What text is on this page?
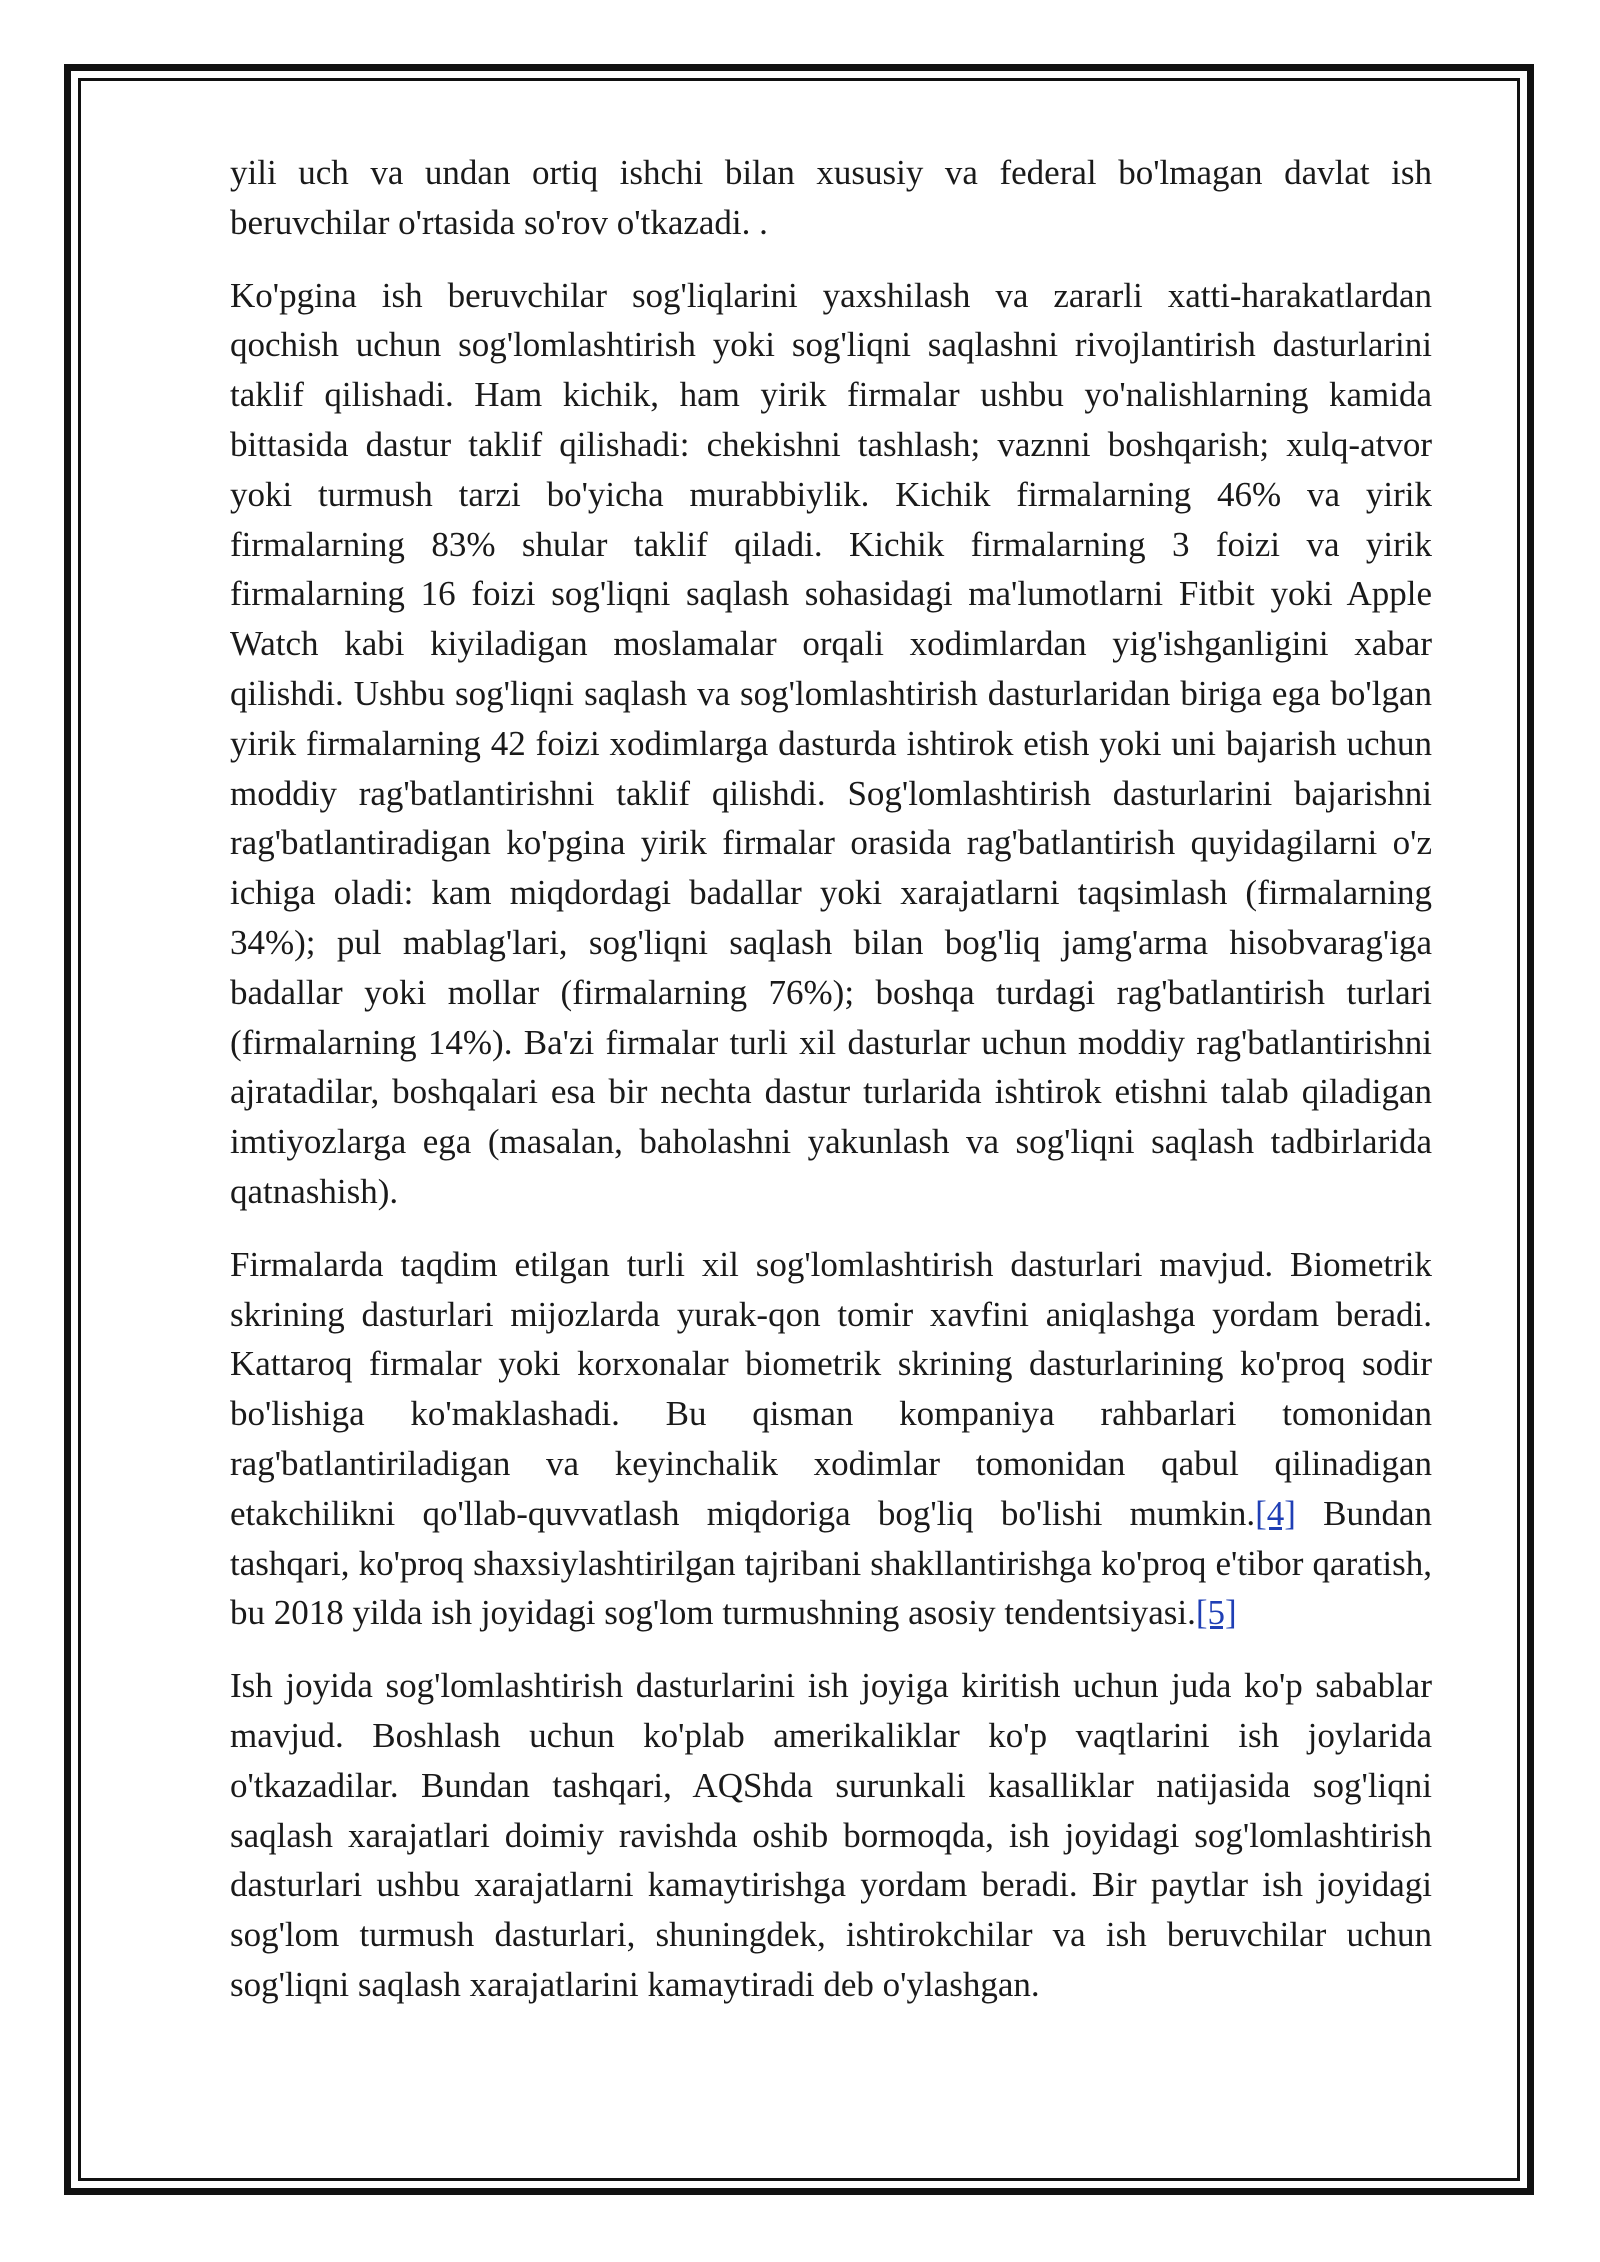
yili uch va undan ortiq ishchi bilan xususiy va federal bo'lmagan davlat ish beruvchilar o'rtasida so'rov o'tkazadi. .

Ko'pgina ish beruvchilar sog'liqlarini yaxshilash va zararli xatti-harakatlardan qochish uchun sog'lomlashtirish yoki sog'liqni saqlashni rivojlantirish dasturlarini taklif qilishadi. Ham kichik, ham yirik firmalar ushbu yo'nalishlarning kamida bittasida dastur taklif qilishadi: chekishni tashlash; vaznni boshqarish; xulq-atvor yoki turmush tarzi bo'yicha murabbiylik. Kichik firmalarning 46% va yirik firmalarning 83% shular taklif qiladi. Kichik firmalarning 3 foizi va yirik firmalarning 16 foizi sog'liqni saqlash sohasidagi ma'lumotlarni Fitbit yoki Apple Watch kabi kiyiladigan moslamalar orqali xodimlardan yig'ishganligini xabar qilishdi. Ushbu sog'liqni saqlash va sog'lomlashtirish dasturlaridan biriga ega bo'lgan yirik firmalarning 42 foizi xodimlarga dasturda ishtirok etish yoki uni bajarish uchun moddiy rag'batlantirishni taklif qilishdi. Sog'lomlashtirish dasturlarini bajarishni rag'batlantiradigan ko'pgina yirik firmalar orasida rag'batlantirish quyidagilarni o'z ichiga oladi: kam miqdordagi badallar yoki xarajatlarni taqsimlash (firmalarning 34%); pul mablag'lari, sog'liqni saqlash bilan bog'liq jamg'arma hisobvarag'iga badallar yoki mollar (firmalarning 76%); boshqa turdagi rag'batlantirish turlari (firmalarning 14%). Ba'zi firmalar turli xil dasturlar uchun moddiy rag'batlantirishni ajratadilar, boshqalari esa bir nechta dastur turlarida ishtirok etishni talab qiladigan imtiyozlarga ega (masalan, baholashni yakunlash va sog'liqni saqlash tadbirlarida qatnashish).

Firmalarda taqdim etilgan turli xil sog'lomlashtirish dasturlari mavjud. Biometrik skrining dasturlari mijozlarda yurak-qon tomir xavfini aniqlashga yordam beradi. Kattaroq firmalar yoki korxonalar biometrik skrining dasturlarining ko'proq sodir bo'lishiga ko'maklashadi. Bu qisman kompaniya rahbarlari tomonidan rag'batlantiriladigan va keyinchalik xodimlar tomonidan qabul qilinadigan etakchilikni qo'llab-quvvatlash miqdoriga bog'liq bo'lishi mumkin.[4] Bundan tashqari, ko'proq shaxsiylashtirilgan tajribani shakllantirishga ko'proq e'tibor qaratish, bu 2018 yilda ish joyidagi sog'lom turmushning asosiy tendentsiyasi.[5]

Ish joyida sog'lomlashtirish dasturlarini ish joyiga kiritish uchun juda ko'p sabablar mavjud. Boshlash uchun ko'plab amerikaliklar ko'p vaqtlarini ish joylarida o'tkazadilar. Bundan tashqari, AQShda surunkali kasalliklar natijasida sog'liqni saqlash xarajatlari doimiy ravishda oshib bormoqda, ish joyidagi sog'lomlashtirish dasturlari ushbu xarajatlarni kamaytirishga yordam beradi. Bir paytlar ish joyidagi sog'lom turmush dasturlari, shuningdek, ishtirokchilar va ish beruvchilar uchun sog'liqni saqlash xarajatlarini kamaytiradi deb o'ylashgan.
